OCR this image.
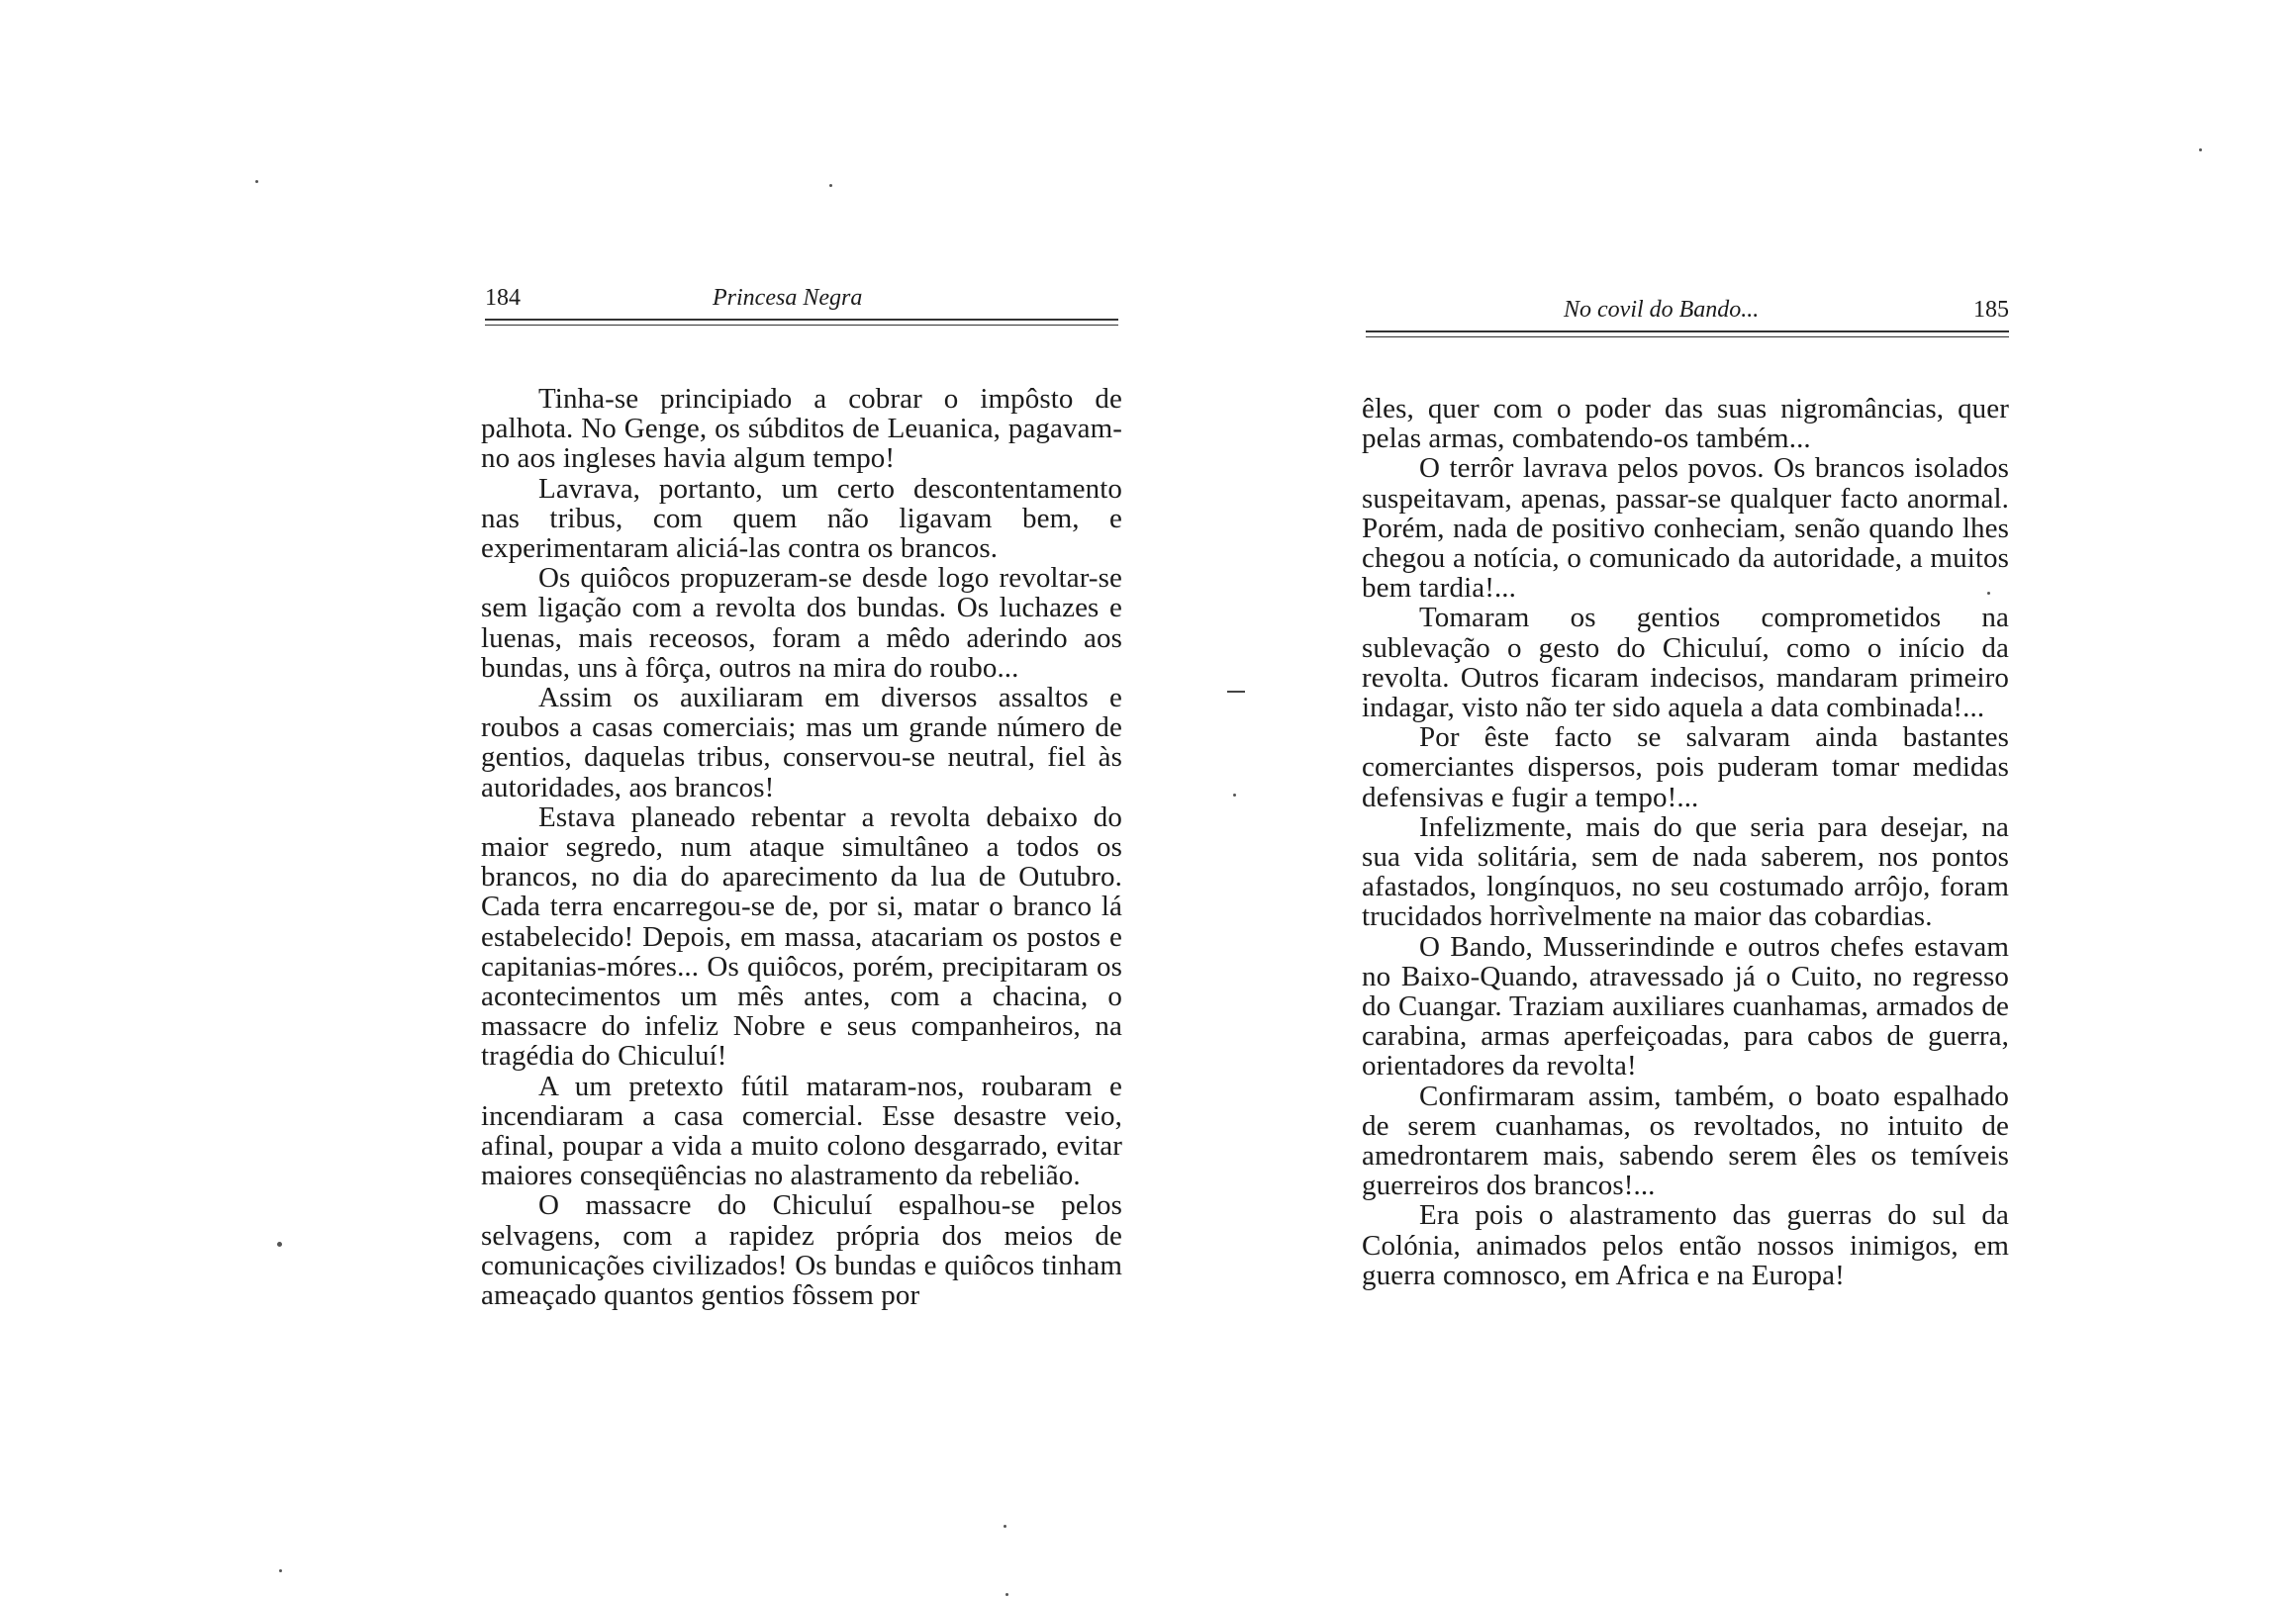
184	Princesa Negra

Tinha-se principiado a cobrar o impôsto de palhota. No Genge, os súbditos de Leuanica, pagavam-no aos ingleses havia algum tempo!

Lavrava, portanto, um certo descontentamento nas tribus, com quem não ligavam bem, e experimentaram aliciá-las contra os brancos.

Os quiôcos propuzeram-se desde logo revoltar-se sem ligação com a revolta dos bundas. Os luchazes e luenas, mais receosos, foram a mêdo aderindo aos bundas, uns à fôrça, outros na mira do roubo...

Assim os auxiliaram em diversos assaltos e roubos a casas comerciais; mas um grande número de gentios, daquelas tribus, conservou-se neutral, fiel às autoridades, aos brancos!

Estava planeado rebentar a revolta debaixo do maior segredo, num ataque simultâneo a todos os brancos, no dia do aparecimento da lua de Outubro. Cada terra encarregou-se de, por si, matar o branco lá estabelecido! Depois, em massa, atacariam os postos e capitanias-móres... Os quiôcos, porém, precipitaram os acontecimentos um mês antes, com a chacina, o massacre do infeliz Nobre e seus companheiros, na tragédia do Chiculuí!

A um pretexto fútil mataram-nos, roubaram e incendiaram a casa comercial. Esse desastre veio, afinal, poupar a vida a muito colono desgarrado, evitar maiores conseqüências no alastramento da rebelião.

O massacre do Chiculuí espalhou-se pelos selvagens, com a rapidez própria dos meios de comunicações civilizados! Os bundas e quiôcos tinham ameaçado quantos gentios fôssem por

No covil do Bando...	185

êles, quer com o poder das suas nigromâncias, quer pelas armas, combatendo-os também...

O terrôr lavrava pelos povos. Os brancos isolados suspeitavam, apenas, passar-se qualquer facto anormal. Porém, nada de positivo conheciam, senão quando lhes chegou a notícia, o comunicado da autoridade, a muitos bem tardia!...

Tomaram os gentios comprometidos na sublevação o gesto do Chiculuí, como o início da revolta. Outros ficaram indecisos, mandaram primeiro indagar, visto não ter sido aquela a data combinada!...

Por êste facto se salvaram ainda bastantes comerciantes dispersos, pois puderam tomar medidas defensivas e fugir a tempo!...

Infelizmente, mais do que seria para desejar, na sua vida solitária, sem de nada saberem, nos pontos afastados, longínquos, no seu costumado arrôjo, foram trucidados horrìvelmente na maior das cobardias.

O Bando, Musserindinde e outros chefes estavam no Baixo-Quando, atravessado já o Cuito, no regresso do Cuangar. Traziam auxiliares cuanhamas, armados de carabina, armas aperfeiçoadas, para cabos de guerra, orientadores da revolta!

Confirmaram assim, também, o boato espalhado de serem cuanhamas, os revoltados, no intuito de amedrontarem mais, sabendo serem êles os temíveis guerreiros dos brancos!...

Era pois o alastramento das guerras do sul da Colónia, animados pelos então nossos inimigos, em guerra comnosco, em Africa e na Europa!
